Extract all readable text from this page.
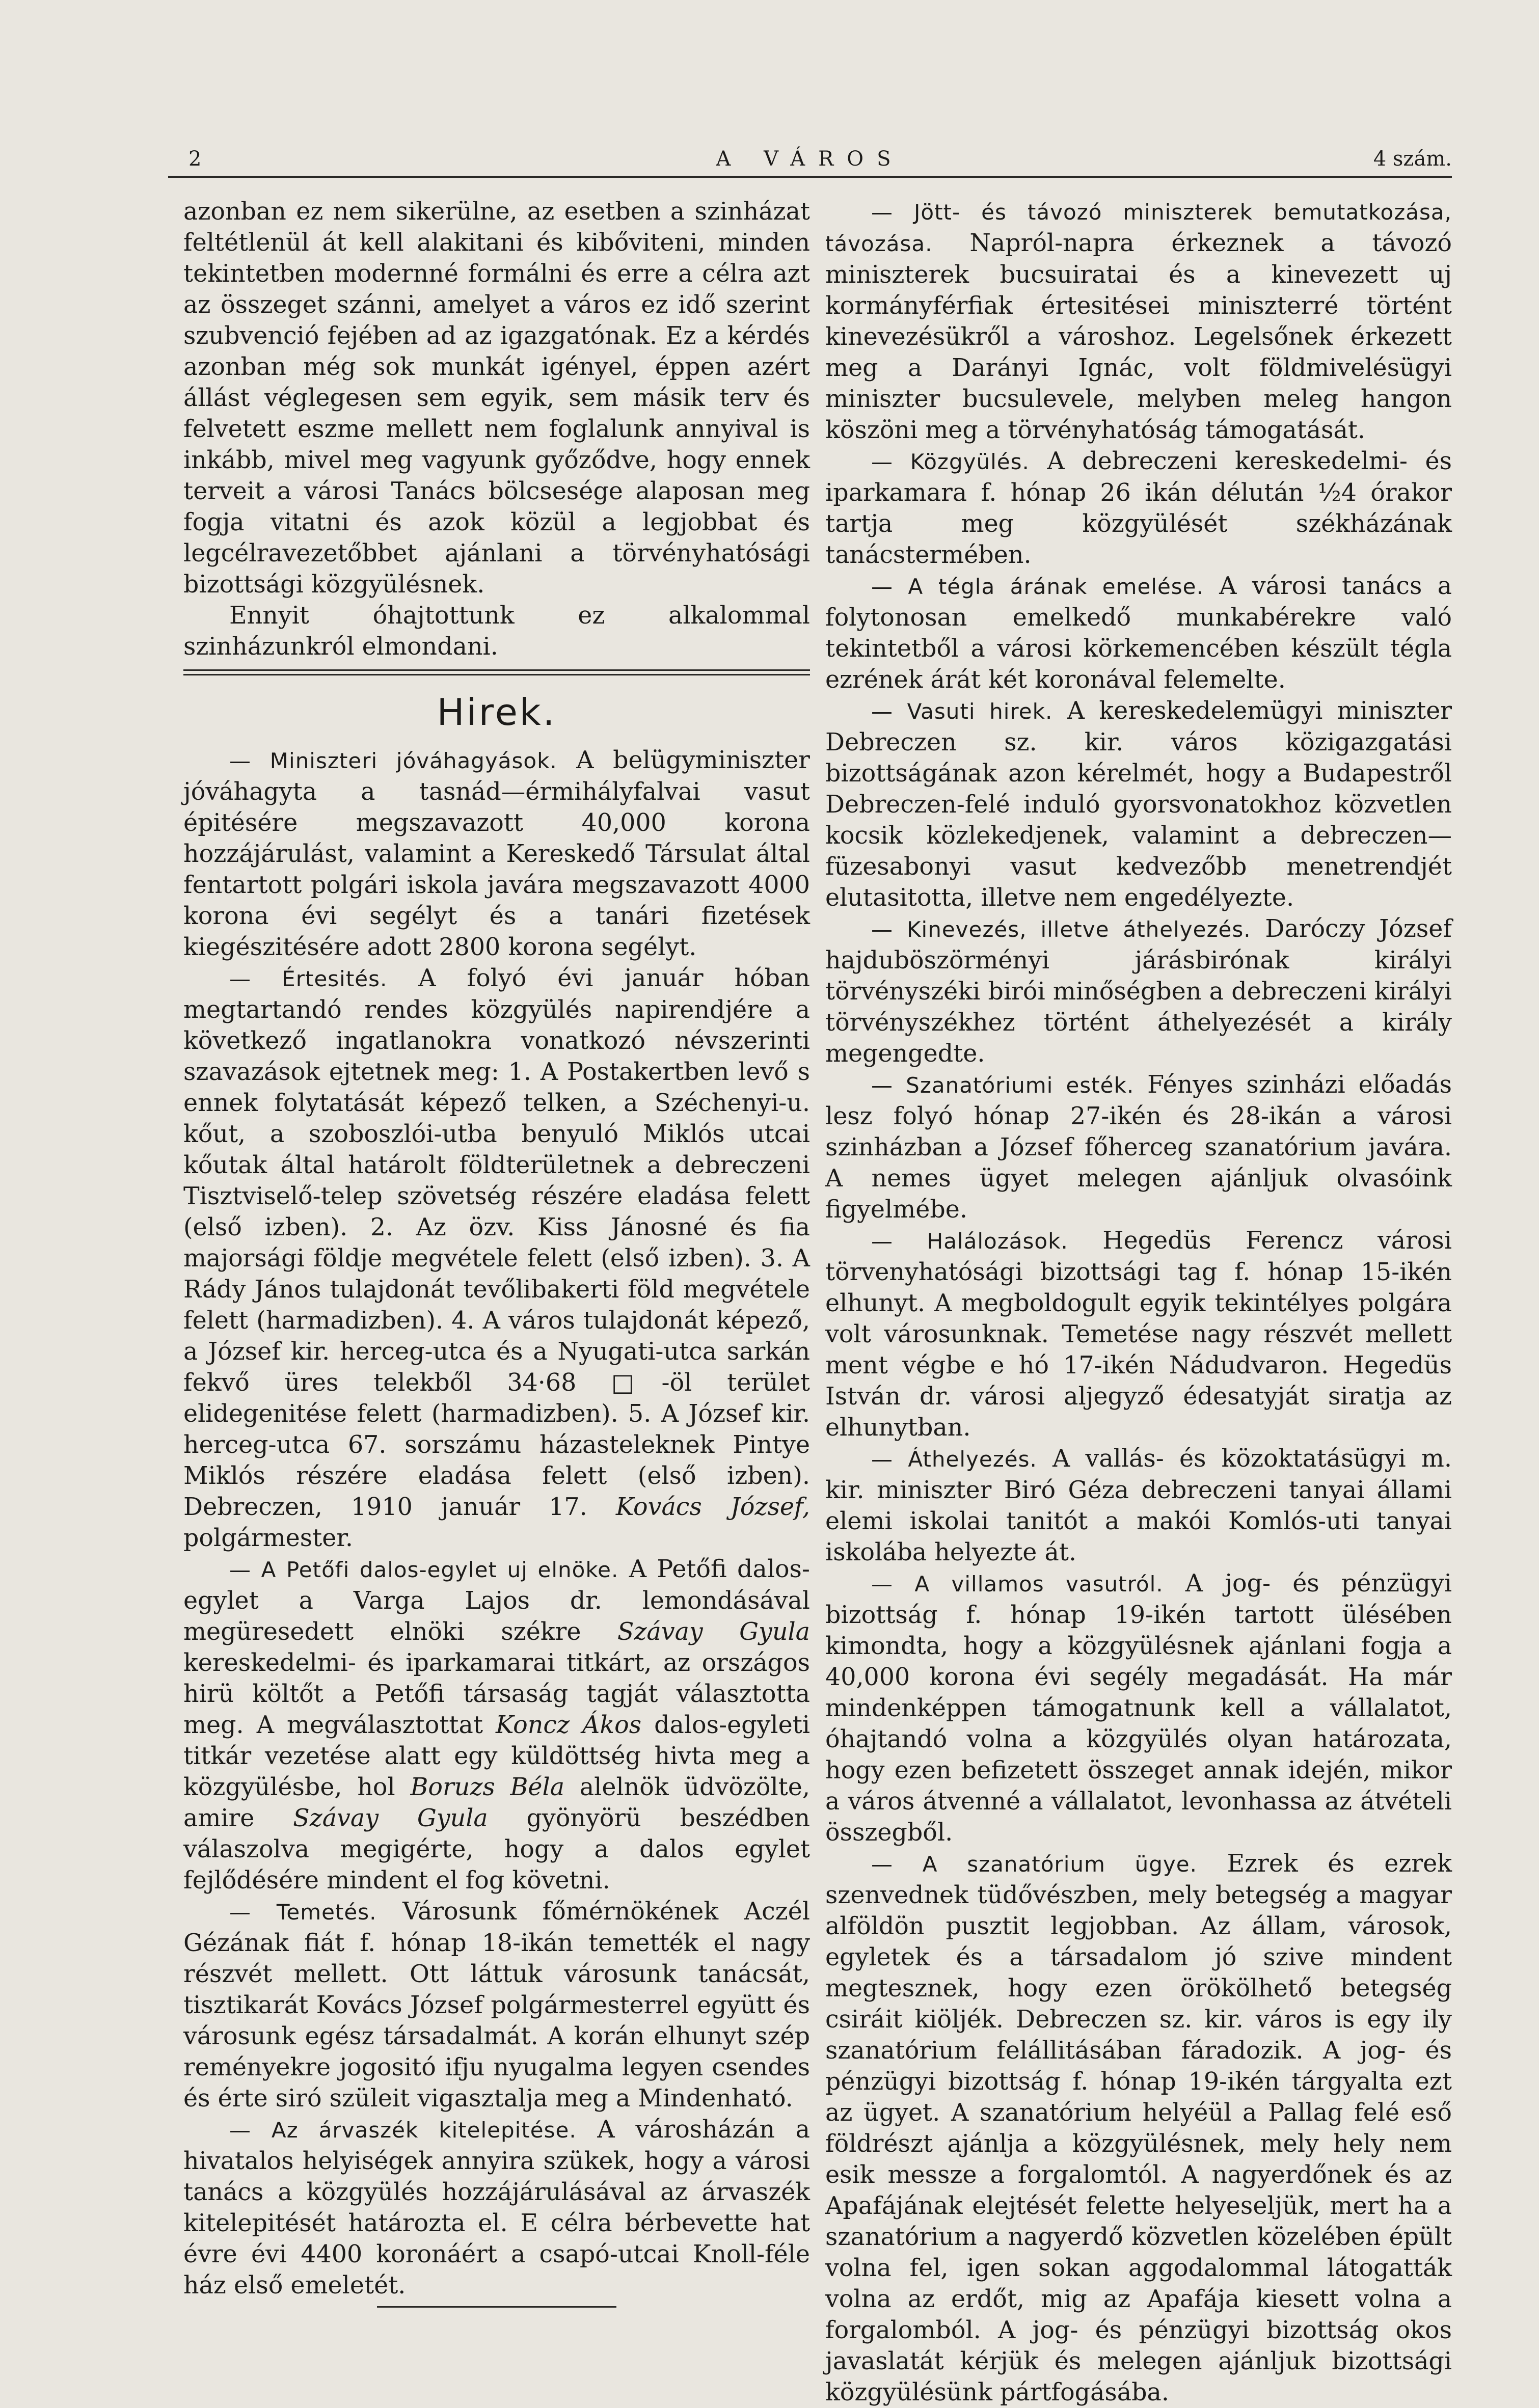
2	A VÁROS	4 szám.

azonban ez nem sikerülne, az esetben a szinházat feltétlenül át kell alakitani és kibőviteni, minden tekintetben modernné formálni és erre a célra azt az összeget szánni, amelyet a város ez idő szerint szubvenció fejében ad az igazgatónak. Ez a kérdés azonban még sok munkát igényel, éppen azért állást véglegesen sem egyik, sem másik terv és felvetett eszme mellett nem foglalunk annyival is inkább, mivel meg vagyunk győződve, hogy ennek terveit a városi Tanács bölcsesége alaposan meg fogja vitatni és azok közül a legjobbat és legcélravezetőbbet ajánlani a törvényhatósági bizottsági közgyülésnek.

Ennyit óhajtottunk ez alkalommal szinházunkról elmondani.

Hirek.

— Miniszteri jóváhagyások. A belügyminiszter jóváhagyta a tasnád—érmihályfalvai vasut épitésére megszavazott 40,000 korona hozzájárulást, valamint a Kereskedő Társulat által fentartott polgári iskola javára megszavazott 4000 korona évi segélyt és a tanári fizetések kiegészitésére adott 2800 korona segélyt.

— Értesités. A folyó évi január hóban megtartandó rendes közgyülés napirendjére a következő ingatlanokra vonatkozó névszerinti szavazások ejtetnek meg: 1. A Postakertben levő s ennek folytatását képező telken, a Széchenyi-u. kőut, a szoboszlói-utba benyuló Miklós utcai kőutak által határolt földterületnek a debreczeni Tisztviselő-telep szövetség részére eladása felett (első izben). 2. Az özv. Kiss Jánosné és fia majorsági földje megvétele felett (első izben). 3. A Rády János tulajdonát tevőlibakerti föld megvétele felett (harmadizben). 4. A város tulajdonát képező, a József kir. herceg-utca és a Nyugati-utca sarkán fekvő üres telekből 34·68 □-öl terület elidegenitése felett (harmadizben). 5. A József kir. herceg-utca 67. sorszámu házasteleknek Pintye Miklós részére eladása felett (első izben). Debreczen, 1910 január 17. Kovács József, polgármester.

— A Petőfi dalos-egylet uj elnöke. A Petőfi dalos-egylet a Varga Lajos dr. lemondásával megüresedett elnöki székre Szávay Gyula kereskedelmi- és iparkamarai titkárt, az országos hirü költőt a Petőfi társaság tagját választotta meg. A megválasztottat Koncz Ákos dalos-egyleti titkár vezetése alatt egy küldöttség hivta meg a közgyülésbe, hol Boruzs Béla alelnök üdvözölte, amire Szávay Gyula gyönyörü beszédben válaszolva megigérte, hogy a dalos egylet fejlődésére mindent el fog követni.

— Temetés. Városunk főmérnökének Aczél Gézának fiát f. hónap 18-ikán temették el nagy részvét mellett. Ott láttuk városunk tanácsát, tisztikarát Kovács József polgármesterrel együtt és városunk egész társadalmát. A korán elhunyt szép reményekre jogositó ifju nyugalma legyen csendes és érte siró szüleit vigasztalja meg a Mindenható.

— Az árvaszék kitelepitése. A városházán a hivatalos helyiségek annyira szükek, hogy a városi tanács a közgyülés hozzájárulásával az árvaszék kitelepitését határozta el. E célra bérbevette hat évre évi 4400 koronáért a csapó-utcai Knoll-féle ház első emeletét.

— Jött- és távozó miniszterek bemutatkozása, távozása. Napról-napra érkeznek a távozó miniszterek bucsuiratai és a kinevezett uj kormányférfiak értesitései miniszterré történt kinevezésükről a városhoz. Legelsőnek érkezett meg a Darányi Ignác, volt földmivelésügyi miniszter bucsulevele, melyben meleg hangon köszöni meg a törvényhatóság támogatását.

— Közgyülés. A debreczeni kereskedelmi- és iparkamara f. hónap 26 ikán délután ½4 órakor tartja meg közgyülését székházának tanácstermében.

— A tégla árának emelése. A városi tanács a folytonosan emelkedő munkabérekre való tekintetből a városi körkemencében készült tégla ezrének árát két koronával felemelte.

— Vasuti hirek. A kereskedelemügyi miniszter Debreczen sz. kir. város közigazgatási bizottságának azon kérelmét, hogy a Budapestről Debreczen-felé induló gyorsvonatokhoz közvetlen kocsik közlekedjenek, valamint a debreczen—füzesabonyi vasut kedvezőbb menetrendjét elutasitotta, illetve nem engedélyezte.

— Kinevezés, illetve áthelyezés. Daróczy József hajduböszörményi járásbirónak királyi törvényszéki birói minőségben a debreczeni királyi törvényszékhez történt áthelyezését a király megengedte.

— Szanatóriumi esték. Fényes szinházi előadás lesz folyó hónap 27-ikén és 28-ikán a városi szinházban a József főherceg szanatórium javára. A nemes ügyet melegen ajánljuk olvasóink figyelmébe.

— Halálozások. Hegedüs Ferencz városi törvenyhatósági bizottsági tag f. hónap 15-ikén elhunyt. A megboldogult egyik tekintélyes polgára volt városunknak. Temetése nagy részvét mellett ment végbe e hó 17-ikén Nádudvaron. Hegedüs István dr. városi aljegyző édesatyját siratja az elhunytban.

— Áthelyezés. A vallás- és közoktatásügyi m. kir. miniszter Biró Géza debreczeni tanyai állami elemi iskolai tanitót a makói Komlós-uti tanyai iskolába helyezte át.

— A villamos vasutról. A jog- és pénzügyi bizottság f. hónap 19-ikén tartott ülésében kimondta, hogy a közgyülésnek ajánlani fogja a 40,000 korona évi segély megadását. Ha már mindenképpen támogatnunk kell a vállalatot, óhajtandó volna a közgyülés olyan határozata, hogy ezen befizetett összeget annak idején, mikor a város átvenné a vállalatot, levonhassa az átvételi összegből.

— A szanatórium ügye. Ezrek és ezrek szenvednek tüdővészben, mely betegség a magyar alföldön pusztit legjobban. Az állam, városok, egyletek és a társadalom jó szive mindent megtesznek, hogy ezen örökölhető betegség csiráit kiöljék. Debreczen sz. kir. város is egy ily szanatórium felállitásában fáradozik. A jog- és pénzügyi bizottság f. hónap 19-ikén tárgyalta ezt az ügyet. A szanatórium helyéül a Pallag felé eső földrészt ajánlja a közgyülésnek, mely hely nem esik messze a forgalomtól. A nagyerdőnek és az Apafájának elejtését felette helyeseljük, mert ha a szanatórium a nagyerdő közvetlen közelében épült volna fel, igen sokan aggodalommal látogatták volna az erdőt, mig az Apafája kiesett volna a forgalomból. A jog- és pénzügyi bizottság okos javaslatát kérjük és melegen ajánljuk bizottsági közgyülésünk pártfogásába.
